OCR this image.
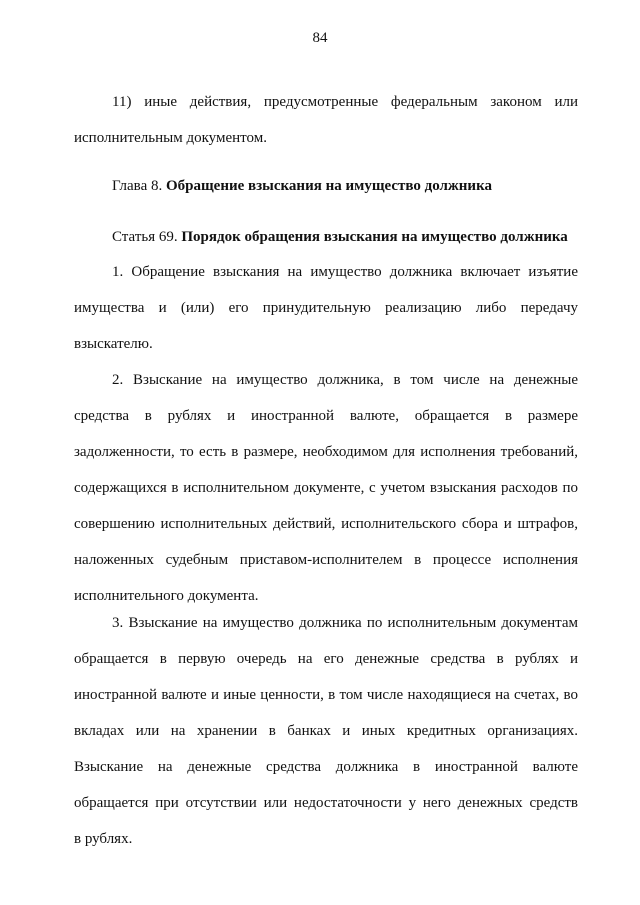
84
11) иные действия, предусмотренные федеральным законом или
исполнительным документом.
Глава 8. Обращение взыскания на имущество должника
Статья 69. Порядок обращения взыскания на имущество должника
1. Обращение взыскания на имущество должника включает изъятие
имущества и (или) его принудительную реализацию либо передачу
взыскателю.
2. Взыскание на имущество должника, в том числе на денежные
средства в рублях и иностранной валюте, обращается в размере
задолженности, то есть в размере, необходимом для исполнения требований,
содержащихся в исполнительном документе, с учетом взыскания расходов по
совершению исполнительных действий, исполнительского сбора и штрафов,
наложенных судебным приставом-исполнителем в процессе исполнения
исполнительного документа.
3. Взыскание на имущество должника по исполнительным документам
обращается в первую очередь на его денежные средства в рублях и
иностранной валюте и иные ценности, в том числе находящиеся на счетах, во
вкладах или на хранении в банках и иных кредитных организациях.
Взыскание на денежные средства должника в иностранной валюте
обращается при отсутствии или недостаточности у него денежных средств
в рублях.
